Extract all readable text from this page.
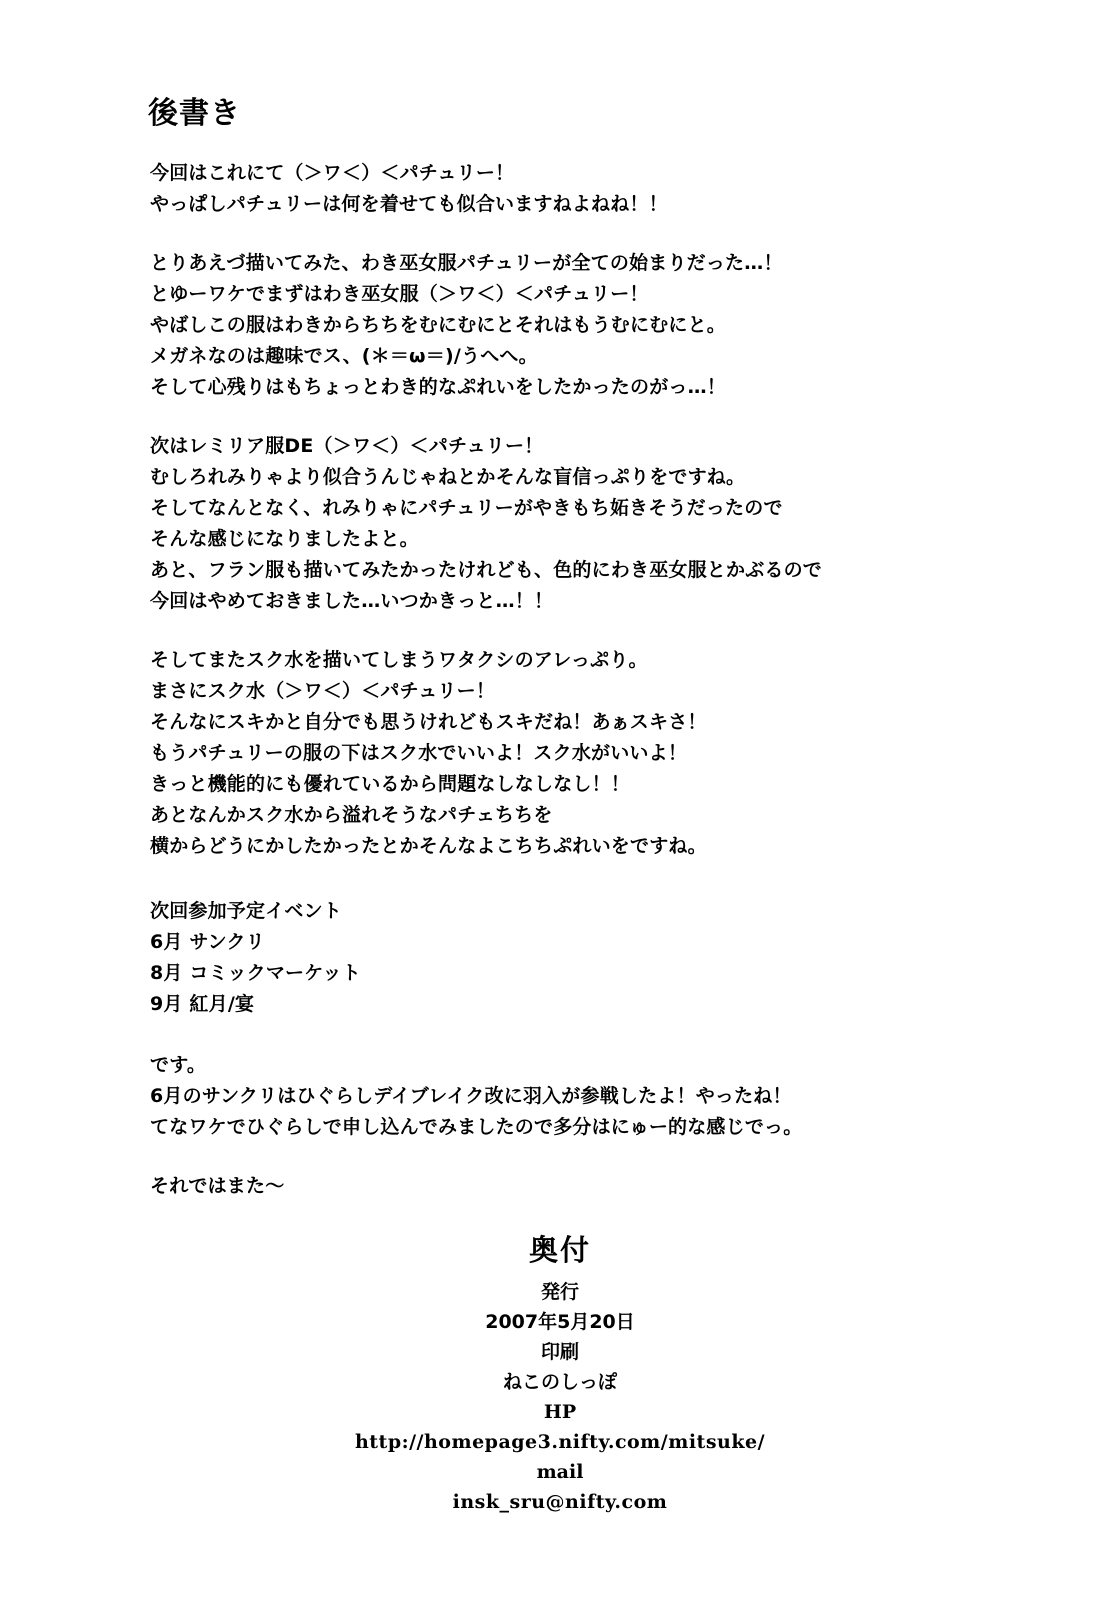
後書き
今回はこれにて（＞ワ＜）＜パチュリー！
やっぱしパチュリーは何を着せても似合いますねよねね！！
とりあえづ描いてみた、わき巫女服パチュリーが全ての始まりだった…！
とゆーワケでまずはわき巫女服（＞ワ＜）＜パチュリー！
やばしこの服はわきからちちをむにむにとそれはもうむにむにと。
メガネなのは趣味でス、(＊＝ω＝)/うへへ。
そして心残りはもちょっとわき的なぷれいをしたかったのがっ…！
次はレミリア服DE（＞ワ＜）＜パチュリー！
むしろれみりゃより似合うんじゃねとかそんな盲信っぷりをですね。
そしてなんとなく、れみりゃにパチュリーがやきもち妬きそうだったので
そんな感じになりましたよと。
あと、フラン服も描いてみたかったけれども、色的にわき巫女服とかぶるので
今回はやめておきました…いつかきっと…！！
そしてまたスク水を描いてしまうワタクシのアレっぷり。
まさにスク水（＞ワ＜）＜パチュリー！
そんなにスキかと自分でも思うけれどもスキだね！あぁスキさ！
もうパチュリーの服の下はスク水でいいよ！スク水がいいよ！
きっと機能的にも優れているから問題なしなしなし！！
あとなんかスク水から溢れそうなパチェちちを
横からどうにかしたかったとかそんなよこちちぷれいをですね。
次回参加予定イベント
6月 サンクリ
8月 コミックマーケット
9月 紅月/宴
です。
6月のサンクリはひぐらしデイブレイク改に羽入が参戦したよ！やったね！
てなワケでひぐらしで申し込んでみましたので多分はにゅー的な感じでっ。
それではまた～
奥付
発行
2007年5月20日
印刷
ねこのしっぽ
HP
http://homepage3.nifty.com/mitsuke/
mail
insk_sru@nifty.com
